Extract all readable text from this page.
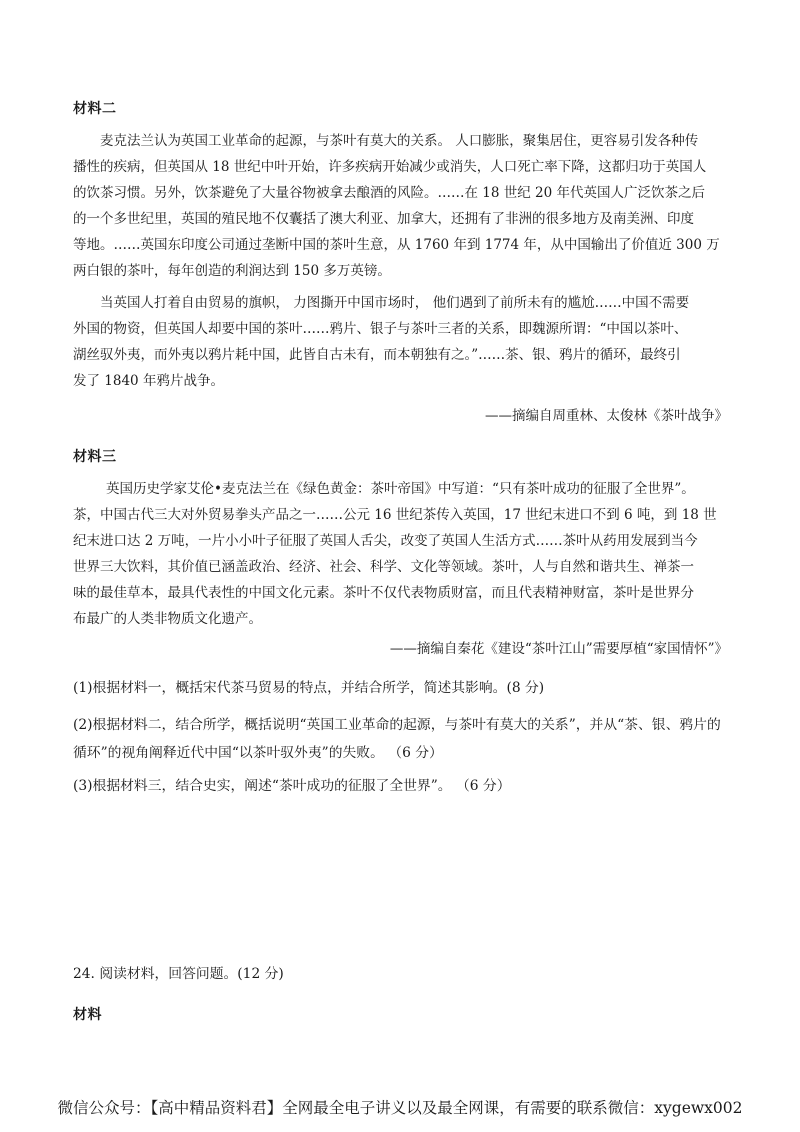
材料二
麦克法兰认为英国工业革命的起源，与茶叶有莫大的关系。 人口膨胀，聚集居住，更容易引发各种传
播性的疾病，但英国从 18 世纪中叶开始，许多疾病开始减少或消失，人口死亡率下降，这都归功于英国人
的饮茶习惯。另外，饮茶避免了大量谷物被拿去酿酒的风险。……在 18 世纪 20 年代英国人广泛饮茶之后
的一个多世纪里，英国的殖民地不仅囊括了澳大利亚、加拿大，还拥有了非洲的很多地方及南美洲、印度
等地。……英国东印度公司通过垄断中国的茶叶生意，从 1760 年到 1774 年，从中国输出了价值近 300 万
两白银的茶叶，每年创造的利润达到 150 多万英镑。
当英国人打着自由贸易的旗帜， 力图撕开中国市场时， 他们遇到了前所未有的尴尬……中国不需要
外国的物资，但英国人却要中国的茶叶……鸦片、银子与茶叶三者的关系，即魏源所谓：“中国以茶叶、
湖丝驭外夷，而外夷以鸦片耗中国，此皆自古未有，而本朝独有之。”……茶、银、鸦片的循环，最终引
发了 1840 年鸦片战争。
——摘编自周重林、太俊林《茶叶战争》
材料三
英国历史学家艾伦•麦克法兰在《绿色黄金：茶叶帝国》中写道：“只有茶叶成功的征服了全世界”。
茶，中国古代三大对外贸易拳头产品之一……公元 16 世纪茶传入英国，17 世纪末进口不到 6 吨，到 18 世
纪末进口达 2 万吨，一片小小叶子征服了英国人舌尖，改变了英国人生活方式……茶叶从药用发展到当今
世界三大饮料，其价值已涵盖政治、经济、社会、科学、文化等领域。茶叶，人与自然和谐共生、禅茶一
味的最佳草本，最具代表性的中国文化元素。茶叶不仅代表物质财富，而且代表精神财富，茶叶是世界分
布最广的人类非物质文化遗产。
——摘编自秦花《建设“茶叶江山”需要厚植“家国情怀”》
(1)根据材料一，概括宋代茶马贸易的特点，并结合所学，简述其影响。(8 分)
(2)根据材料二，结合所学，概括说明“英国工业革命的起源，与茶叶有莫大的关系”，并从“茶、银、鸦片的
循环”的视角阐释近代中国“以茶叶驭外夷”的失败。 （6 分）
(3)根据材料三，结合史实，阐述“茶叶成功的征服了全世界”。 （6 分）
24. 阅读材料，回答问题。(12 分)
材料
微信公众号：【高中精品资料君】全网最全电子讲义以及最全网课，有需要的联系微信：xygewx002
